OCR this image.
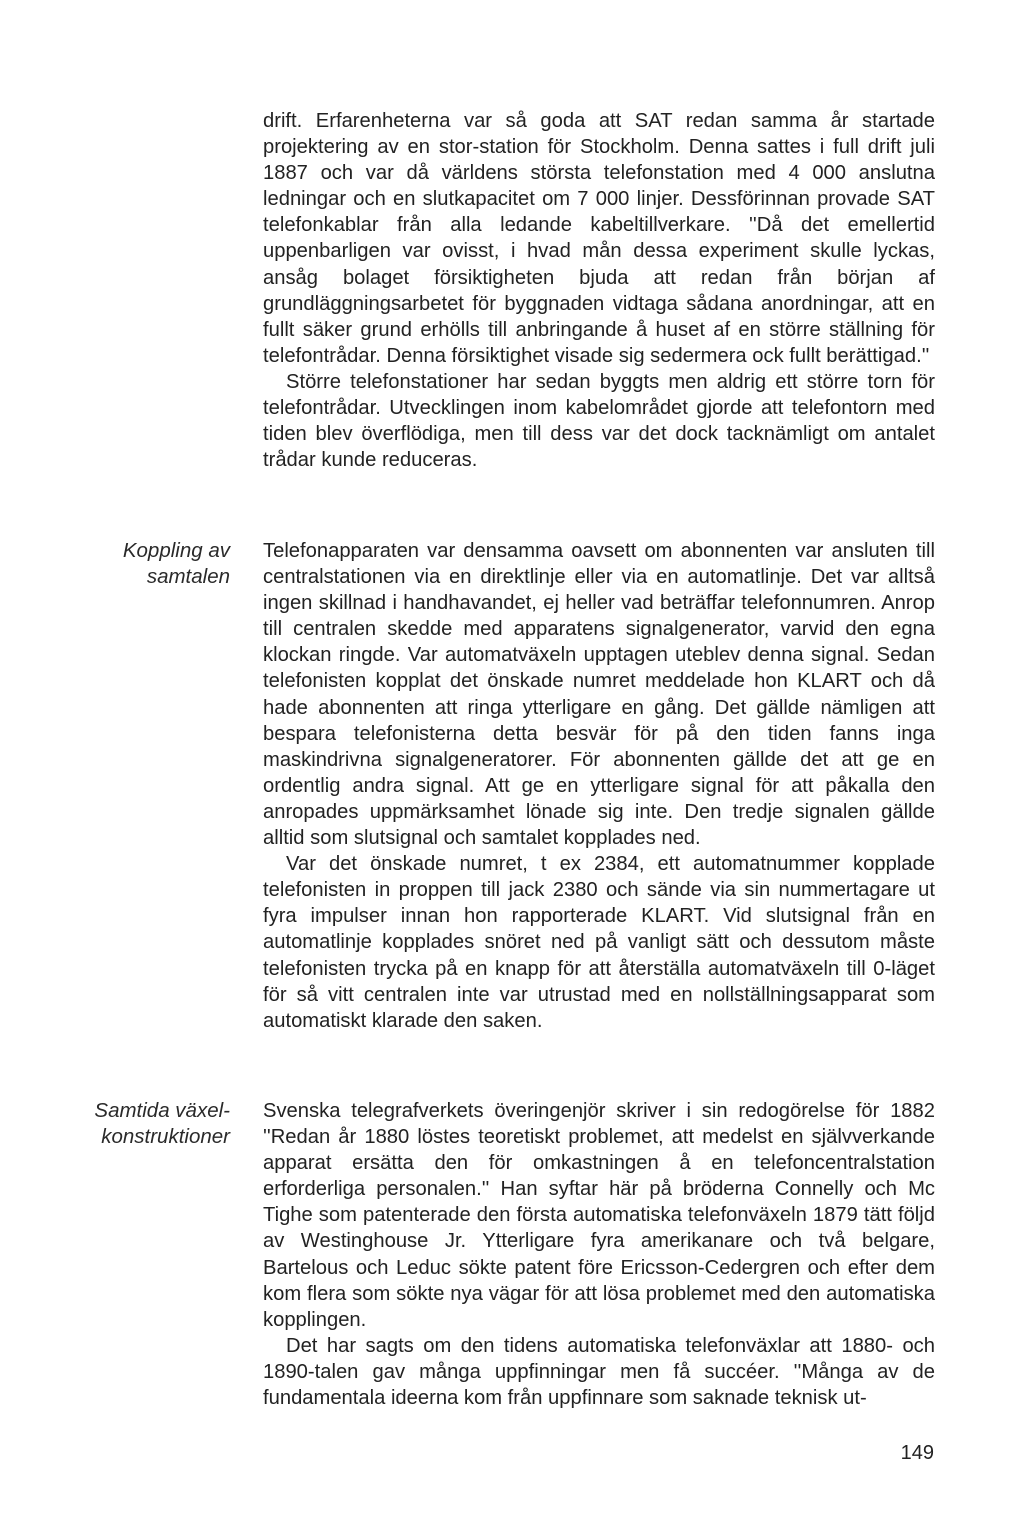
drift. Erfarenheterna var så goda att SAT redan samma år startade projektering av en stor-station för Stockholm. Denna sattes i full drift juli 1887 och var då världens största telefonstation med 4 000 anslutna ledningar och en slutkapacitet om 7 000 linjer. Dessförinnan provade SAT telefonkablar från alla ledande kabeltillverkare. ''Då det emellertid uppenbarligen var ovisst, i hvad mån dessa experiment skulle lyckas, ansåg bolaget försiktigheten bjuda att redan från början af grundläggningsarbetet för byggnaden vidtaga sådana anordningar, att en fullt säker grund erhölls till anbringande å huset af en större ställning för telefontrådar. Denna försiktighet visade sig sedermera ock fullt berättigad.''

Större telefonstationer har sedan byggts men aldrig ett större torn för telefontrådar. Utvecklingen inom kabelområdet gjorde att telefontorn med tiden blev överflödiga, men till dess var det dock tacknämligt om antalet trådar kunde reduceras.

Koppling av
samtalen

Telefonapparaten var densamma oavsett om abonnenten var ansluten till centralstationen via en direktlinje eller via en automatlinje. Det var alltså ingen skillnad i handhavandet, ej heller vad beträffar telefonnumren. Anrop till centralen skedde med apparatens signalgenerator, varvid den egna klockan ringde. Var automatväxeln upptagen uteblev denna signal. Sedan telefonisten kopplat det önskade numret meddelade hon KLART och då hade abonnenten att ringa ytterligare en gång. Det gällde nämligen att bespara telefonisterna detta besvär för på den tiden fanns inga maskindrivna signalgeneratorer. För abonnenten gällde det att ge en ordentlig andra signal. Att ge en ytterligare signal för att påkalla den anropades uppmärksamhet lönade sig inte. Den tredje signalen gällde alltid som slutsignal och samtalet kopplades ned.

Var det önskade numret, t ex 2384, ett automatnummer kopplade telefonisten in proppen till jack 2380 och sände via sin nummertagare ut fyra impulser innan hon rapporterade KLART. Vid slutsignal från en automatlinje kopplades snöret ned på vanligt sätt och dessutom måste telefonisten trycka på en knapp för att återställa automatväxeln till 0-läget för så vitt centralen inte var utrustad med en nollställningsapparat som automatiskt klarade den saken.

Samtida växel-
konstruktioner

Svenska telegrafverkets överingenjör skriver i sin redogörelse för 1882 ''Redan år 1880 löstes teoretiskt problemet, att medelst en självverkande apparat ersätta den för omkastningen å en telefoncentralstation erforderliga personalen.'' Han syftar här på bröderna Connelly och Mc Tighe som patenterade den första automatiska telefonväxeln 1879 tätt följd av Westinghouse Jr. Ytterligare fyra amerikanare och två belgare, Bartelous och Leduc sökte patent före Ericsson-Cedergren och efter dem kom flera som sökte nya vägar för att lösa problemet med den automatiska kopplingen.

Det har sagts om den tidens automatiska telefonväxlar att 1880- och 1890-talen gav många uppfinningar men få succéer. ''Många av de fundamentala ideerna kom från uppfinnare som saknade teknisk ut-

149
